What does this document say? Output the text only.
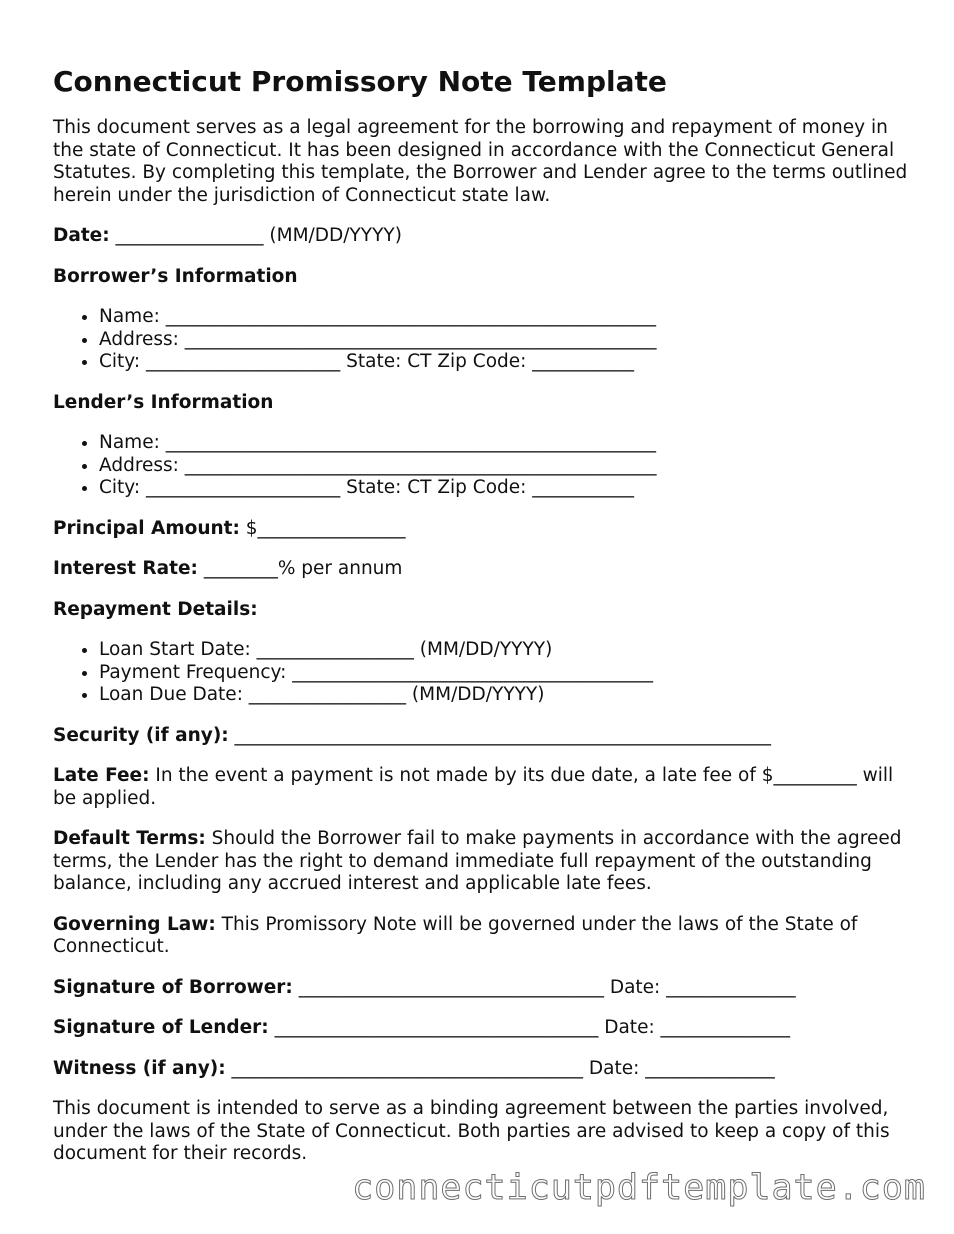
Connecticut Promissory Note Template

This document serves as a legal agreement for the borrowing and repayment of money in the state of Connecticut. It has been designed in accordance with the Connecticut General Statutes. By completing this template, the Borrower and Lender agree to the terms outlined herein under the jurisdiction of Connecticut state law.

Date: ________________ (MM/DD/YYYY)

Borrower’s Information

• Name: _____________________________________________________
• Address: ___________________________________________________
• City: _____________________ State: CT Zip Code: ___________

Lender’s Information

• Name: _____________________________________________________
• Address: ___________________________________________________
• City: _____________________ State: CT Zip Code: ___________

Principal Amount: $________________

Interest Rate: ________% per annum

Repayment Details:

• Loan Start Date: _________________ (MM/DD/YYYY)
• Payment Frequency: _______________________________________
• Loan Due Date: _________________ (MM/DD/YYYY)

Security (if any): __________________________________________________________

Late Fee: In the event a payment is not made by its due date, a late fee of $_________ will be applied.

Default Terms: Should the Borrower fail to make payments in accordance with the agreed terms, the Lender has the right to demand immediate full repayment of the outstanding balance, including any accrued interest and applicable late fees.

Governing Law: This Promissory Note will be governed under the laws of the State of Connecticut.

Signature of Borrower: _________________________________ Date: ______________

Signature of Lender: ___________________________________ Date: ______________

Witness (if any): ______________________________________ Date: ______________

This document is intended to serve as a binding agreement between the parties involved, under the laws of the State of Connecticut. Both parties are advised to keep a copy of this document for their records.

connecticutpdftemplate.com
